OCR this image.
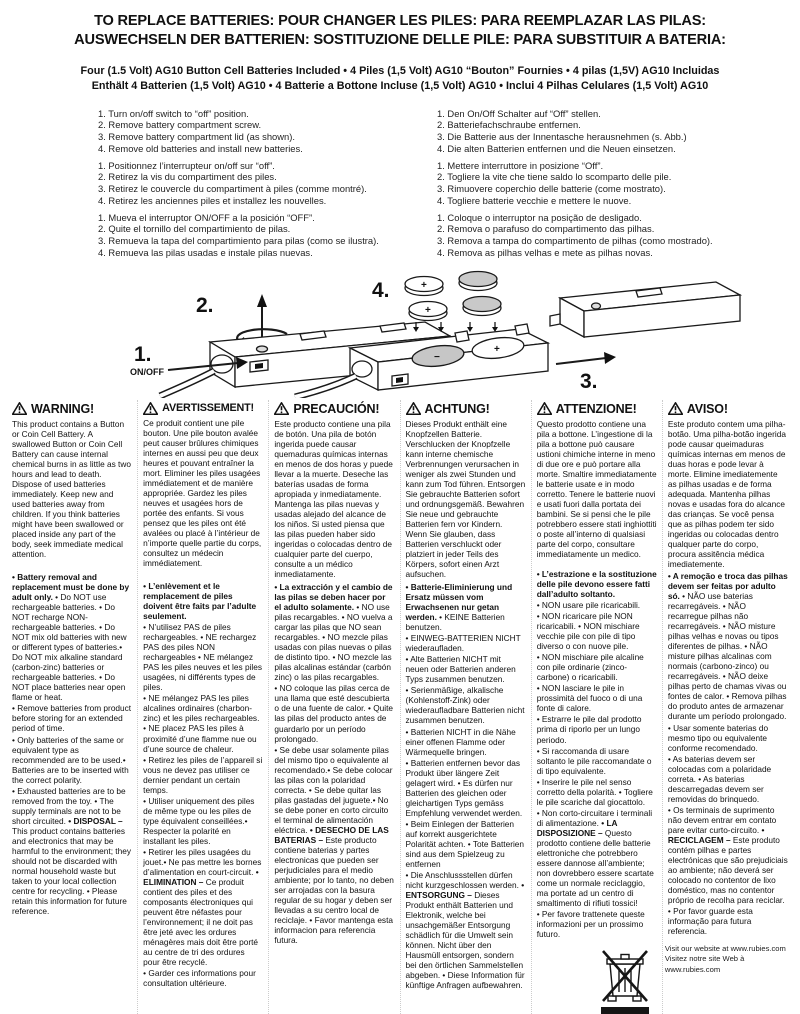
TO REPLACE BATTERIES: POUR CHANGER LES PILES: PARA REEMPLAZAR LAS PILAS:
AUSWECHSELN DER BATTERIEN: SOSTITUZIONE DELLE PILE: PARA SUBSTITUIR A BATERIA:
Four (1.5 Volt) AG10 Button Cell Batteries Included • 4 Piles (1,5 Volt) AG10 “Bouton” Fournies • 4 pilas (1,5V) AG10 Incluidas
Enthält 4 Batterien (1,5 Volt) AG10 • 4 Batterie a Bottone Incluse (1,5 Volt) AG10 • Inclui 4 Pilhas Celulares (1,5 Volt) AG10
1. Turn on/off switch to “off” position.
2. Remove battery compartment screw.
3. Remove battery compartment lid (as shown).
4. Remove old batteries and install new batteries.
1. Positionnez l’interrupteur on/off sur “off”.
2. Retirez la vis du compartiment des piles.
3. Retirez le couvercle du compartiment à piles (comme montré).
4. Retirez les anciennes piles et installez les nouvelles.
1. Mueva el interruptor ON/OFF a la posición “OFF”.
2. Quite el tornillo del compartimiento de pilas.
3. Remueva la tapa del compartimiento para pilas (como se ilustra).
4. Remueva las pilas usadas e instale pilas nuevas.
1. Den On/Off Schalter auf “Off” stellen.
2. Batteriefachschraube entfernen.
3. Die Batterie aus der Innentasche herausnehmen (s. Abb.)
4. Die alten Batterien entfernen und die Neuen einsetzen.
1. Mettere interruttore in posizione “Off”.
2. Togliere la vite che tiene saldo lo scomparto delle pile.
3. Rimuovere coperchio delle batterie (come mostrato).
4. Togliere batterie vecchie e mettere le nuove.
1. Coloque o interruptor na posição de desligado.
2. Remova o parafuso do compartimento das pilhas.
3. Remova a tampa do compartimento de pilhas (como mostrado).
4. Remova as pilhas velhas e mete as pilhas novas.
2.
1.
ON/OFF
4.	+
+
−
+
3.
WARNING!

This product contains a Button or Coin Cell Battery. A swallowed Button or Coin Cell Battery can cause internal chemical burns in as little as two hours and lead to death. Dispose of used batteries immediately. Keep new and used batteries away from children. If you think batteries might have been swallowed or placed inside any part of the body, seek immediate medical attention.

• Battery removal and replacement must be done by adult only. • Do NOT use rechargeable batteries. • Do NOT recharge NON-rechargeable batteries. • Do NOT mix old batteries with new or different types of batteries.• Do NOT mix alkaline standard (carbon-zinc) batteries or rechargeable batteries. • Do NOT place batteries near open flame or heat.

• Remove batteries from product before storing for an extended period of time.

• Only batteries of the same or equivalent type as recommended are to be used.• Batteries are to be inserted with the correct polarity.

• Exhausted batteries are to be removed from the toy. • The supply terminals are not to be short circuited. • DISPOSAL – This product contains batteries and electronics that may be harmful to the environment; they should not be discarded with normal household waste but taken to your local collection centre for recycling. • Please retain this information for future reference.

AVERTISSEMENT!

Ce produit contient une pile bouton. Une pile bouton avalée peut causer brûlures chimiques internes en aussi peu que deux heures et pouvant entraîner la mort. Eliminer les piles usagées immédiatement et de manière appropriée. Gardez les piles neuves et usagées hors de portée des enfants. Si vous pensez que les piles ont été avalées ou placé à l’intérieur de n’importe quelle partie du corps, consultez un médecin immédiatement.

• L’enlèvement et le remplacement de piles doivent être faits par l’adulte seulement.

• N’utilisez PAS de piles rechargeables. • NE rechargez PAS des piles NON rechargeables • NE mélangez PAS les piles neuves et les piles usagées, ni différents types de piles.

• NE mélangez PAS les piles alcalines ordinaires (charbon-zinc) et les piles rechargeables. • NE placez PAS les piles à proximité d’une flamme nue ou d’une source de chaleur.

• Retirez les piles de l’appareil si vous ne devez pas utiliser ce dernier pendant un certain temps.

• Utiliser uniquement des piles de même type ou les piles de type équivalent conseillées.• Respecter la polarité en installant les piles.

• Retirer les piles usagées du jouet.• Ne pas mettre les bornes d’alimentation en court-circuit. • ELIMINATION – Ce produit contient des piles et des composants électroniques qui peuvent être néfastes pour l’environnement; il ne doit pas être jeté avec les ordures ménagères mais doit être porté au centre de tri des ordures pour être recyclé.

• Garder ces informations pour consultation ultérieure.

PRECAUCIÓN!

Este producto contiene una pila de botón. Una pila de botón ingerida puede causar quemaduras químicas internas en menos de dos horas y puede llevar a la muerte. Deseche las baterías usadas de forma apropiada y inmediatamente. Mantenga las pilas nuevas y usadas alejado del alcance de los niños. Si usted piensa que las pilas pueden haber sido ingeridas o colocadas dentro de cualquier parte del cuerpo, consulte a un médico inmediatamente.

• La extracción y el cambio de las pilas se deben hacer por el adulto solamente. • NO use pilas recargables. • NO vuelva a cargar las pilas que NO sean recargables. • NO mezcle pilas usadas con pilas nuevas o pilas de distinto tipo. • NO mezcle las pilas alcalinas estándar (carbón zinc) o las pilas recargables.

• NO coloque las pilas cerca de una llama que esté descubierta o de una fuente de calor. • Quite las pilas del producto antes de guardarlo por un período prolongado.

• Se debe usar solamente pilas del mismo tipo o equivalente al recomendado.• Se debe colocar las pilas con la polaridad correcta. • Se debe quitar las pilas gastadas del juguete.• No se debe poner en corto circuito el terminal de alimentación eléctrica. • DESECHO DE LAS BATERIAS – Este producto contiene baterias y partes electronicas que pueden ser perjudiciales para el medio ambiente; por lo tanto, no deben ser arrojadas con la basura regular de su hogar y deben ser llevadas a su centro local de reciclaje. • Favor mantenga esta informacion para referencia futura.

ACHTUNG!

Dieses Produkt enthält eine Knopfzellen Batterie. Verschlucken der Knopfzelle kann interne chemische Verbrennungen verursachen in weniger als zwei Stunden und kann zum Tod führen. Entsorgen Sie gebrauchte Batterien sofort und ordnungsgemäß. Bewahren Sie neue und gebrauchte Batterien fern vor Kindern. Wenn Sie glauben, dass Batterien verschluckt oder platziert in jeder Teils des Körpers, sofort einen Arzt aufsuchen.

• Batterie-Eliminierung und Ersatz müssen vom Erwachsenen nur getan werden. • KEINE Batterien benutzen.

• EINWEG-BATTERIEN NICHT wiederaufladen.

• Alte Batterien NICHT mit neuen oder Batterien anderen Typs zusammen benutzen.

• Serienmäßige, alkalische (Kohlenstoff-Zink) oder wiederaufladbare Batterien nicht zusammen benutzen.

• Batterien NICHT in die Nähe einer offenen Flamme oder Wärmequelle bringen.

• Batterien entfernen bevor das Produkt über längere Zeit gelagert wird. • Es dürfen nur Batterien des gleichen oder gleichartigen Typs gemäss Empfehlung verwendet werden.

• Beim Einlegen der Batterien auf korrekt ausgerichtete Polarität achten. • Tote Batterien sind aus dem Spielzeug zu entfernen

• Die Anschlussstellen dürfen nicht kurzgeschlossen werden. • ENTSORGUNG – Dieses Produkt enthält Batterien und Elektronik, welche bei unsachgemäßer Entsorgung schädlich für die Umwelt sein können. Nicht über den Hausmüll entsorgen, sondern bei den örtlichen Sammelstellen abgeben. • Diese Information für künftige Anfragen aufbewahren.

ATTENZIONE!

Questo prodotto contiene una pila a bottone. L’ingestione di la pila a bottone può causare ustioni chimiche interne in meno di due ore e può portare alla morte. Smaltire immediatamente le batterie usate e in modo corretto. Tenere le batterie nuovi e usati fuori dalla portata dei bambini. Se si pensi che le pile potrebbero essere stati inghiottiti o poste all’interno di qualsiasi parte del corpo, consultare immediatamente un medico.

• L’estrazione e la sostituzione delle pile devono essere fatti dall’adulto soltanto.

• NON usare pile ricaricabili.

• NON ricaricare pile NON ricaricabili. • NON mischiare vecchie pile con pile di tipo diverso o con nuove pile.

• NON mischiare pile alcaline con pile ordinarie (zinco-carbone) o ricaricabili.

• NON lasciare le pile in prossimità del fuoco o di una fonte di calore.

• Estrarre le pile dal prodotto prima di riporlo per un lungo periodo.

• Si raccomanda di usare soltanto le pile raccomandate o di tipo equivalente.

• Inserire le pile nel senso corretto della polarità. • Togliere le pile scariche dal giocattolo.

• Non corto-circuitare i terminali di alimentazione. • LA DISPOSIZIONE – Questo prodotto contiene delle batterie elettroniche che potrebbero essere dannose all’ambiente; non dovrebbero essere scartate come un normale reciclaggio, ma portate ad un centro di smaltimento di rifiuti tossici!

• Per favore trattenete queste informazioni per un prossimo futuro.

AVISO!

Este produto contem uma pilha-botão. Uma pilha-botão ingerida pode causar queimaduras químicas internas em menos de duas horas e pode levar à morte. Elimine imediatemente as pilhas usadas e de forma adequada. Mantenha pilhas novas e usadas fora do alcance das crianças. Se você pensa que as pilhas podem ter sido ingeridas ou colocadas dentro qualquer parte do corpo, procura assitência médica imediatemente.

• A remoção e troca das pilhas devem ser feitas por adulto só. • NÃO use baterias recarregáveis. • NÃO recarregue pilhas não recarregáveis. • NÃO misture pilhas velhas e novas ou tipos diferentes de pilhas. • NÃO misture pilhas alcalinas com normais (carbono-zinco) ou recarregáveis. • NÃO deixe pilhas perto de chamas vivas ou fontes de calor. • Remova pilhas do produto antes de armazenar durante um período prolongado.

• Usar somente baterias do mesmo tipo ou equivalente conforme recomendado.

• As baterias devem ser colocadas com a polaridade correta. • As baterias descarregadas devem ser removidas do brinquedo.

• Os terminais de suprimento não devem entrar em contato pare evitar curto-circuito. • RECICLAGEM – Este produto contém pilhas e partes electrónicas que são prejudiciais ao ambiente; não deverá ser colocado no contentor de lixo doméstico, mas no contentor próprio de recolha para reciclar.

• Por favor guarde esta informação para futura referencia.

Visit our website at www.rubies.com
Visitez notre site Web à www.rubies.com
